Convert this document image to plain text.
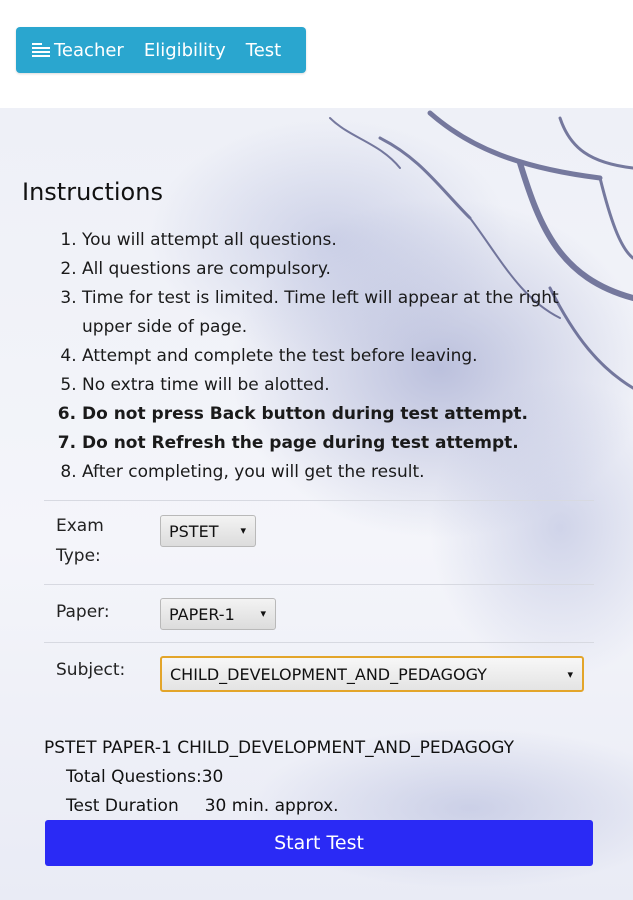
Teacher Eligibility Test
Instructions
1. You will attempt all questions.
2. All questions are compulsory.
3. Time for test is limited. Time left will appear at the right upper side of page.
4. Attempt and complete the test before leaving.
5. No extra time will be alotted.
6. Do not press Back button during test attempt.
7. Do not Refresh the page during test attempt.
8. After completing, you will get the result.
Exam
Type:
PSTET ▾
Paper:	PAPER-1 ▾
Subject:	CHILD_DEVELOPMENT_AND_PEDAGOGY	▾
PSTET PAPER-1 CHILD_DEVELOPMENT_AND_PEDAGOGY
Total Questions:30
Test Duration 30 min. approx.
Start Test
